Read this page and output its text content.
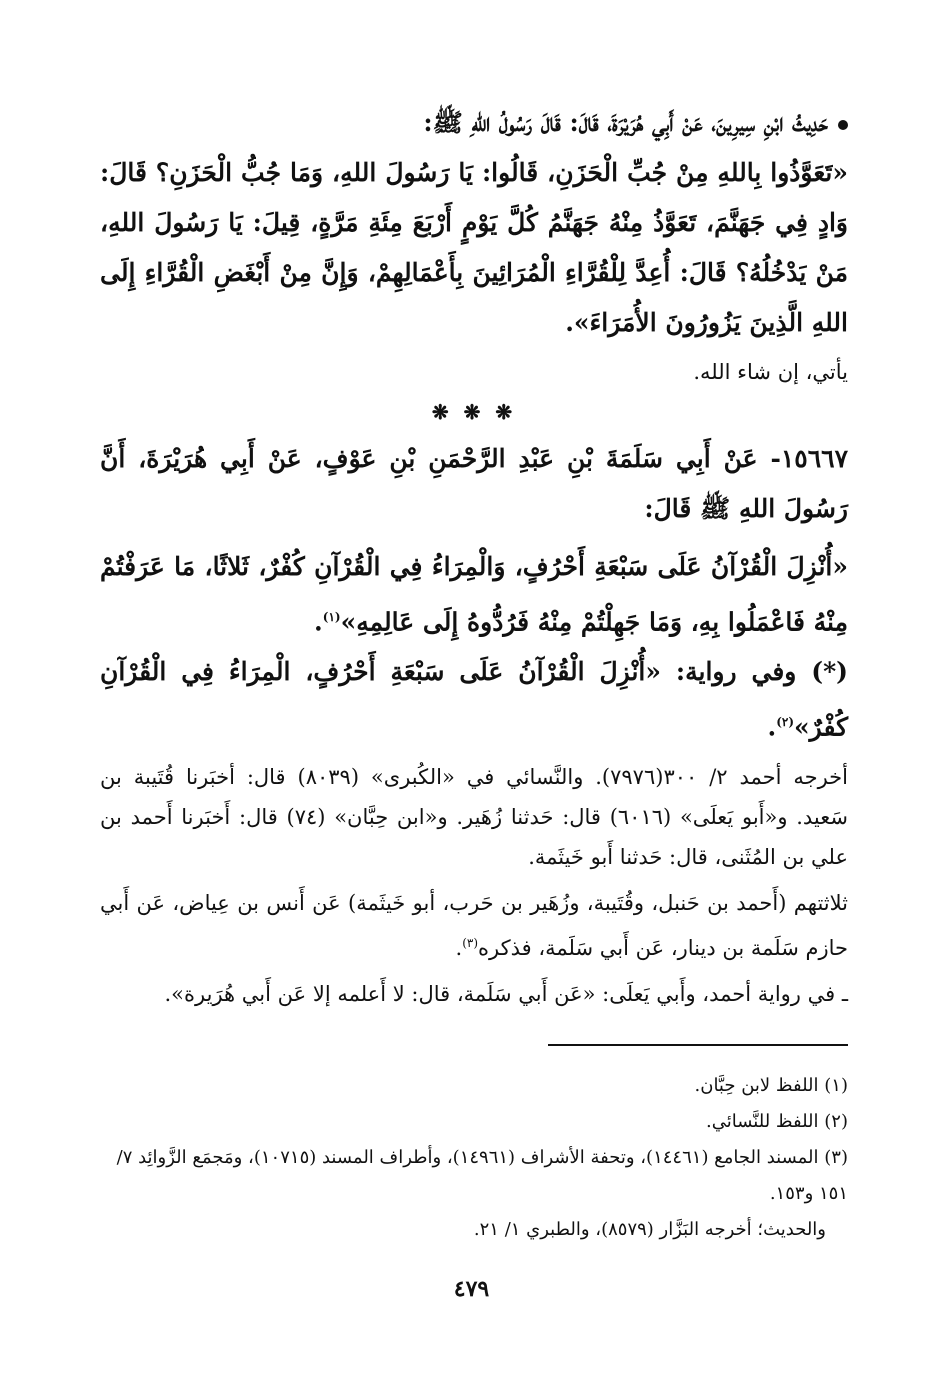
حَدِيثُ ابْنِ سِيرِينَ، عَنْ أَبِي هُرَيْرَةَ، قَالَ: قَالَ رَسُولُ اللهِ ﷺ:

«تَعَوَّذُوا بِاللهِ مِنْ جُبِّ الْحَزَنِ، قَالُوا: يَا رَسُولَ اللهِ، وَمَا جُبُّ الْحَزَنِ؟ قَالَ: وَادٍ فِي جَهَنَّمَ، تَعَوَّذُ مِنْهُ جَهَنَّمُ كُلَّ يَوْمٍ أَرْبَعَ مِئَةِ مَرَّةٍ، قِيلَ: يَا رَسُولَ اللهِ، مَنْ يَدْخُلُهُ؟ قَالَ: أُعِدَّ لِلْقُرَّاءِ الْمُرَائِينَ بِأَعْمَالِهِمْ، وَإِنَّ مِنْ أَبْغَضِ الْقُرَّاءِ إِلَى اللهِ الَّذِينَ يَزُورُونَ الأُمَرَاءَ».

يأتي، إن شاء الله.

❋ ❋ ❋

١٥٦٦٧- عَنْ أَبِي سَلَمَةَ بْنِ عَبْدِ الرَّحْمَنِ بْنِ عَوْفٍ، عَنْ أَبِي هُرَيْرَةَ، أَنَّ رَسُولَ اللهِ ﷺ قَالَ:

«أُنْزِلَ الْقُرْآنُ عَلَى سَبْعَةِ أَحْرُفٍ، وَالْمِرَاءُ فِي الْقُرْآنِ كُفْرٌ، ثَلاثًا، مَا عَرَفْتُمْ مِنْهُ فَاعْمَلُوا بِهِ، وَمَا جَهِلْتُمْ مِنْهُ فَرُدُّوهُ إِلَى عَالِمِهِ»$^{(١)}$.

(*) وفي رواية: «أُنْزِلَ الْقُرْآنُ عَلَى سَبْعَةِ أَحْرُفٍ، الْمِرَاءُ فِي الْقُرْآنِ كُفْرٌ»$^{(٢)}$.

أخرجه أحمد ٢/ ٣٠٠(٧٩٧٦). والنَّسائي في «الكُبرى» (٨٠٣٩) قال: أخبَرنا قُتَيبة بن سَعيد. و«أَبو يَعلَى» (٦٠١٦) قال: حَدثنا زُهَير. و«ابن حِبَّان» (٧٤) قال: أَخبَرنا أَحمد بن علي بن المُثَنى، قال: حَدثنا أَبو خَيثَمة.

ثلاثتهم (أَحمد بن حَنبل، وقُتَيبة، وزُهَير بن حَرب، أبو خَيثَمة) عَن أَنس بن عِياض، عَن أَبي حازم سَلَمة بن دينار، عَن أَبي سَلَمة، فذكره$^{(٣)}$.

ـ في رواية أحمد، وأَبي يَعلَى: «عَن أَبي سَلَمة، قال: لا أَعلمه إلا عَن أَبي هُرَيرة».

(١) اللفظ لابن حِبَّان.

(٢) اللفظ للنَّسائي.

(٣) المسند الجامع (١٤٤٦١)، وتحفة الأشراف (١٤٩٦١)، وأطراف المسند (١٠٧١٥)، ومَجمَع الزَّوائِد ٧/ ١٥١ و١٥٣.

والحديث؛ أخرجه البَزَّار (٨٥٧٩)، والطبري ١/ ٢١.

٤٧٩
